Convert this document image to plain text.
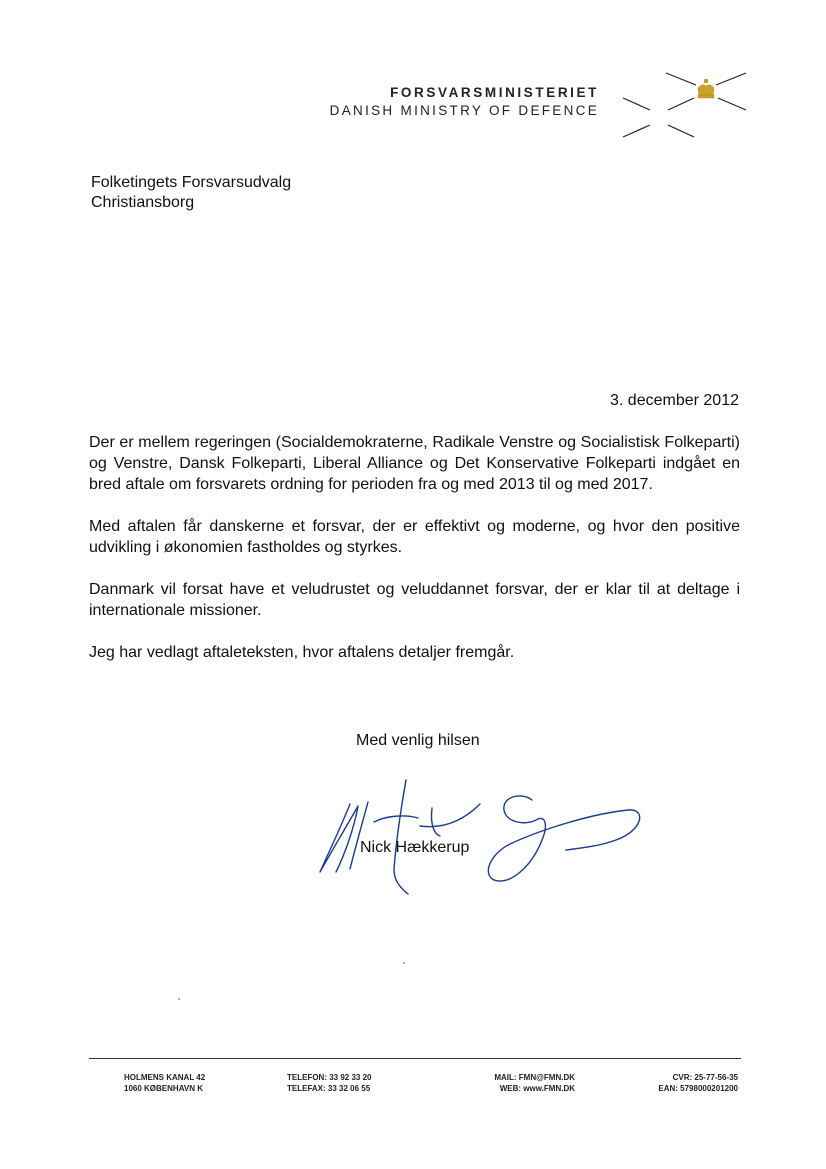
FORSVARSMINISTERIET
DANISH MINISTRY OF DEFENCE
Folketingets Forsvarsudvalg
Christiansborg
3. december 2012

Der er mellem regeringen (Socialdemokraterne, Radikale Venstre og Socialistisk Folkeparti) og Venstre, Dansk Folkeparti, Liberal Alliance og Det Konservative Folkeparti indgået en bred aftale om forsvarets ordning for perioden fra og med 2013 til og med 2017.

Med aftalen får danskerne et forsvar, der er effektivt og moderne, og hvor den positive udvikling i økonomien fastholdes og styrkes.

Danmark vil forsat have et veludrustet og veluddannet forsvar, der er klar til at deltage i internationale missioner.

Jeg har vedlagt aftaleteksten, hvor aftalens detaljer fremgår.

Med venlig hilsen
Nick Hækkerup
HOLMENS KANAL 42
1060 KØBENHAVN K
TELEFON: 33 92 33 20
TELEFAX: 33 32 06 55
MAIL: FMN@FMN.DK
WEB: www.FMN.DK
CVR: 25-77-56-35
EAN: 5798000201200
